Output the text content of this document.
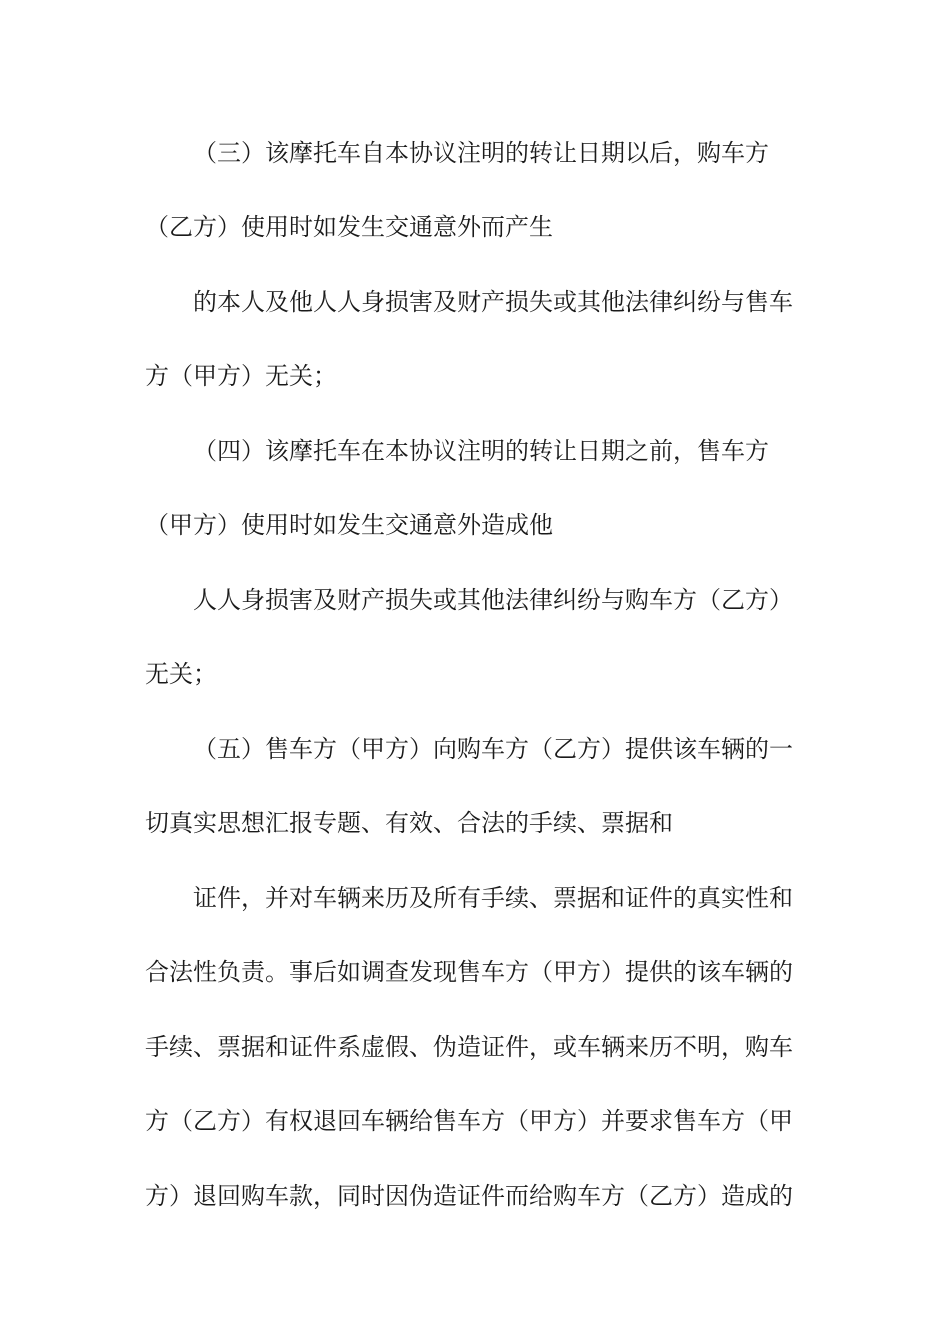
（三）该摩托车自本协议注明的转让日期以后，购车方
（乙方）使用时如发生交通意外而产生
的本人及他人人身损害及财产损失或其他法律纠纷与售车
方（甲方）无关；
（四）该摩托车在本协议注明的转让日期之前，售车方
（甲方）使用时如发生交通意外造成他
人人身损害及财产损失或其他法律纠纷与购车方（乙方）
无关；
（五）售车方（甲方）向购车方（乙方）提供该车辆的一
切真实思想汇报专题、有效、合法的手续、票据和
证件，并对车辆来历及所有手续、票据和证件的真实性和
合法性负责。事后如调查发现售车方（甲方）提供的该车辆的
手续、票据和证件系虚假、伪造证件，或车辆来历不明，购车
方（乙方）有权退回车辆给售车方（甲方）并要求售车方（甲
方）退回购车款，同时因伪造证件而给购车方（乙方）造成的
